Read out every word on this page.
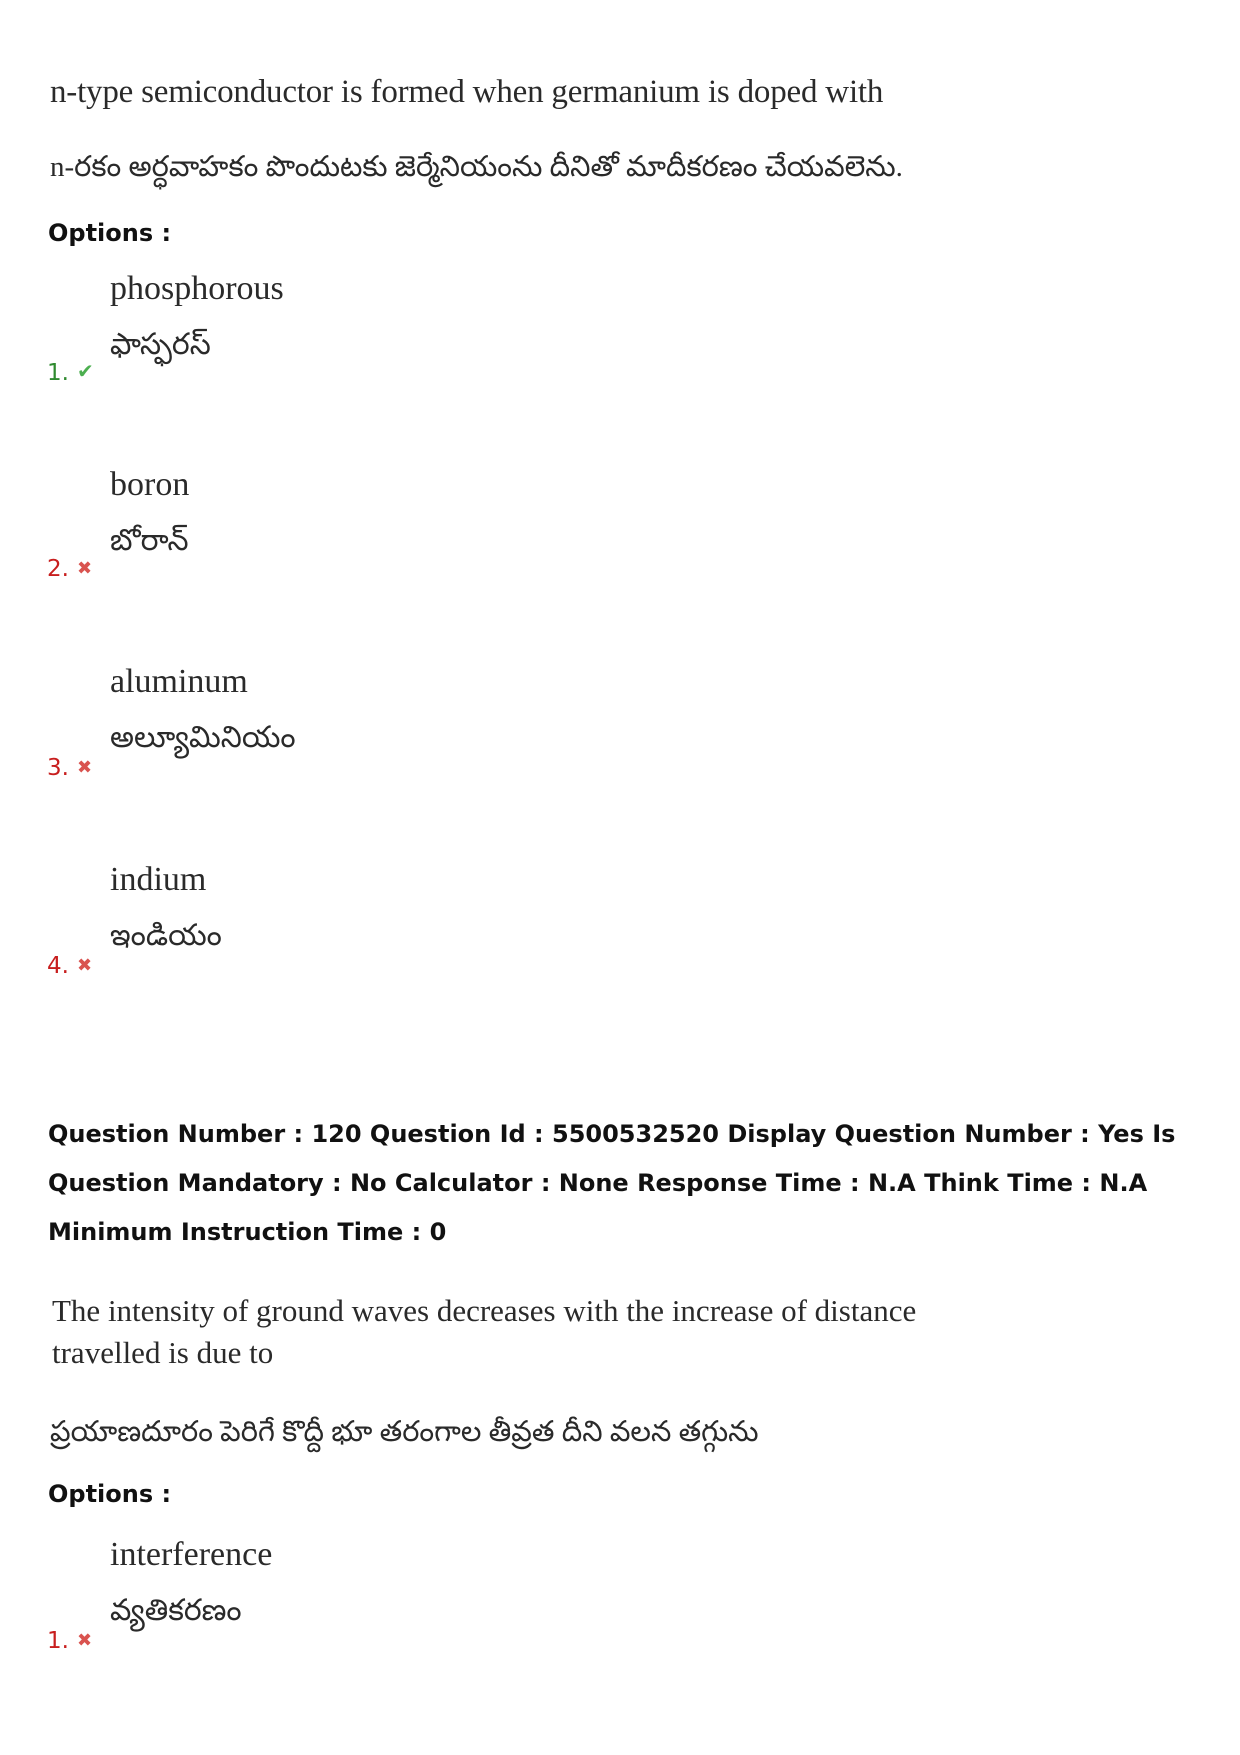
n-type semiconductor is formed when germanium is doped with
n-రకం అర్ధవాహకం పొందుటకు జెర్మేనియంను దీనితో మాదీకరణం చేయవలెను.
Options :
phosphorous
ఫాస్ఫరస్
1. ✔
boron
బోరాన్
2. ✖
aluminum
అల్యూమినియం
3. ✖
indium
ఇండియం
4. ✖
Question Number : 120 Question Id : 5500532520 Display Question Number : Yes Is Question Mandatory : No Calculator : None Response Time : N.A Think Time : N.A Minimum Instruction Time : 0
The intensity of ground waves decreases with the increase of distance travelled is due to
ప్రయాణదూరం పెరిగే కొద్దీ భూ తరంగాల తీవ్రత దీని వలన తగ్గును
Options :
interference
వ్యతికరణం
1. ✖
